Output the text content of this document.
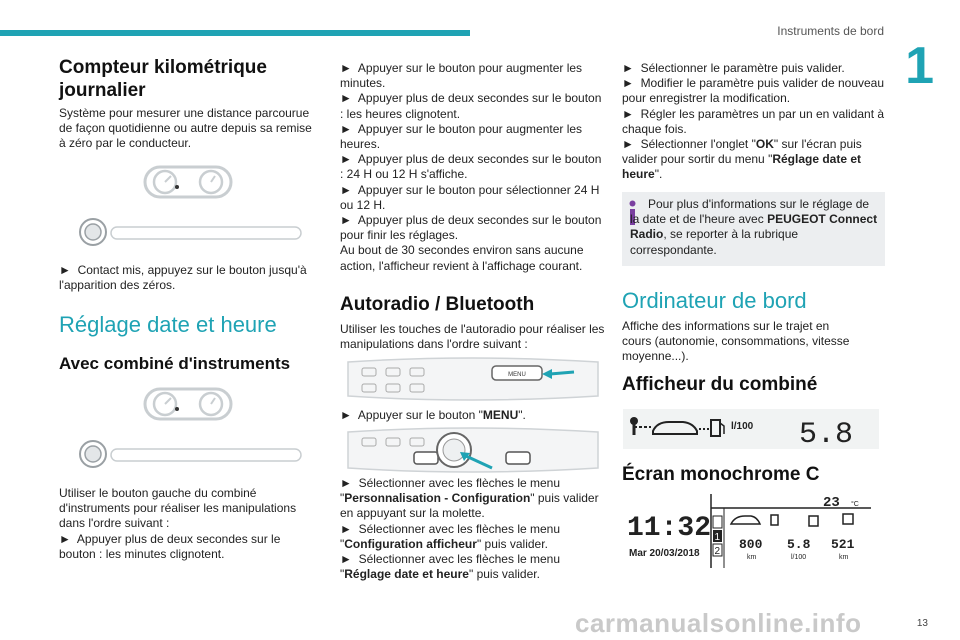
Instruments de bord
1
Compteur kilométrique journalier

Système pour mesurer une distance parcourue de façon quotidienne ou autre depuis sa remise à zéro par le conducteur.

► Contact mis, appuyez sur le bouton jusqu'à l'apparition des zéros.

Réglage date et heure
Avec combiné d'instruments

Utiliser le bouton gauche du combiné d'instruments pour réaliser les manipulations dans l'ordre suivant :
► Appuyer plus de deux secondes sur le bouton : les minutes clignotent.

► Appuyer sur le bouton pour augmenter les minutes.
► Appuyer plus de deux secondes sur le bouton : les heures clignotent.
► Appuyer sur le bouton pour augmenter les heures.
► Appuyer plus de deux secondes sur le bouton : 24 H ou 12 H s'affiche.
► Appuyer sur le bouton pour sélectionner 24 H ou 12 H.
► Appuyer plus de deux secondes sur le bouton pour finir les réglages.
Au bout de 30 secondes environ sans aucune action, l'afficheur revient à l'affichage courant.

Autoradio / Bluetooth

Utiliser les touches de l'autoradio pour réaliser les manipulations dans l'ordre suivant :

MENU

► Appuyer sur le bouton "MENU".

► Sélectionner avec les flèches le menu "Personnalisation - Configuration" puis valider en appuyant sur la molette.
► Sélectionner avec les flèches le menu "Configuration afficheur" puis valider.
► Sélectionner avec les flèches le menu "Réglage date et heure" puis valider.

► Sélectionner le paramètre puis valider.
► Modifier le paramètre puis valider de nouveau pour enregistrer la modification.
► Régler les paramètres un par un en validant à chaque fois.
► Sélectionner l'onglet "OK" sur l'écran puis valider pour sortir du menu "Réglage date et heure".

Pour plus d'informations sur le réglage de la date et de l'heure avec PEUGEOT Connect Radio, se reporter à la rubrique correspondante.

Ordinateur de bord

Affiche des informations sur le trajet en cours (autonomie, consommations, vitesse moyenne...).

Afficheur du combiné
l/100 5.8
Écran monochrome C
23 °C
11:32
Mar 20/03/2018
1
2 800
km
5.8
l/100
521
km
carmanualsonline.info	13
